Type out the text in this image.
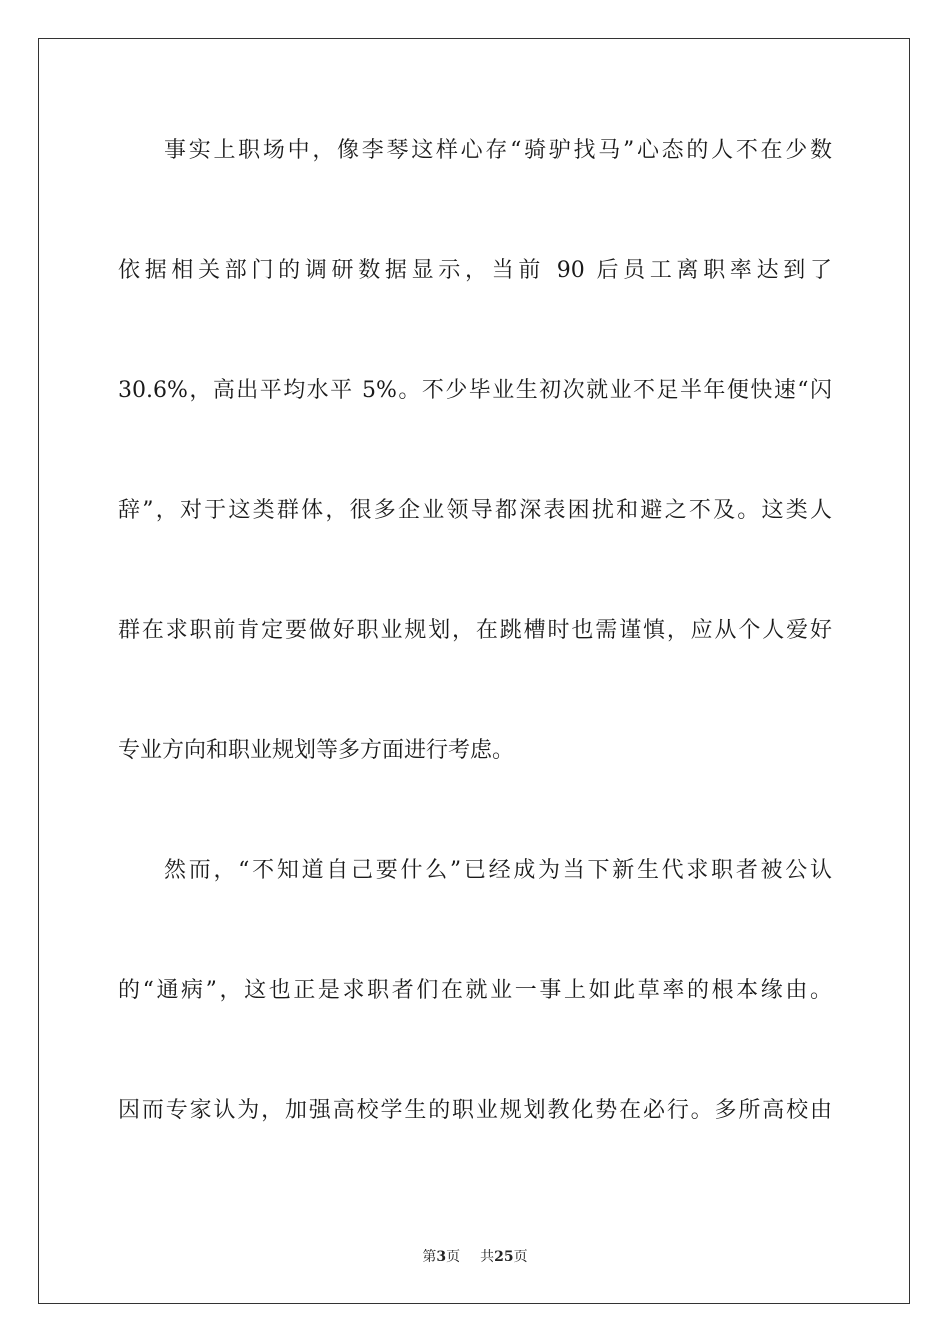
事实上职场中，像李琴这样心存“骑驴找马”心态的人不在少数
依据相关部门的调研数据显示，当前 90 后员工离职率达到了
30.6%，高出平均水平 5%。不少毕业生初次就业不足半年便快速“闪
辞”，对于这类群体，很多企业领导都深表困扰和避之不及。这类人
群在求职前肯定要做好职业规划，在跳槽时也需谨慎，应从个人爱好
专业方向和职业规划等多方面进行考虑。
然而，“不知道自己要什么”已经成为当下新生代求职者被公认
的“通病”，这也正是求职者们在就业一事上如此草率的根本缘由。
因而专家认为，加强高校学生的职业规划教化势在必行。多所高校由
第3页 共25页
